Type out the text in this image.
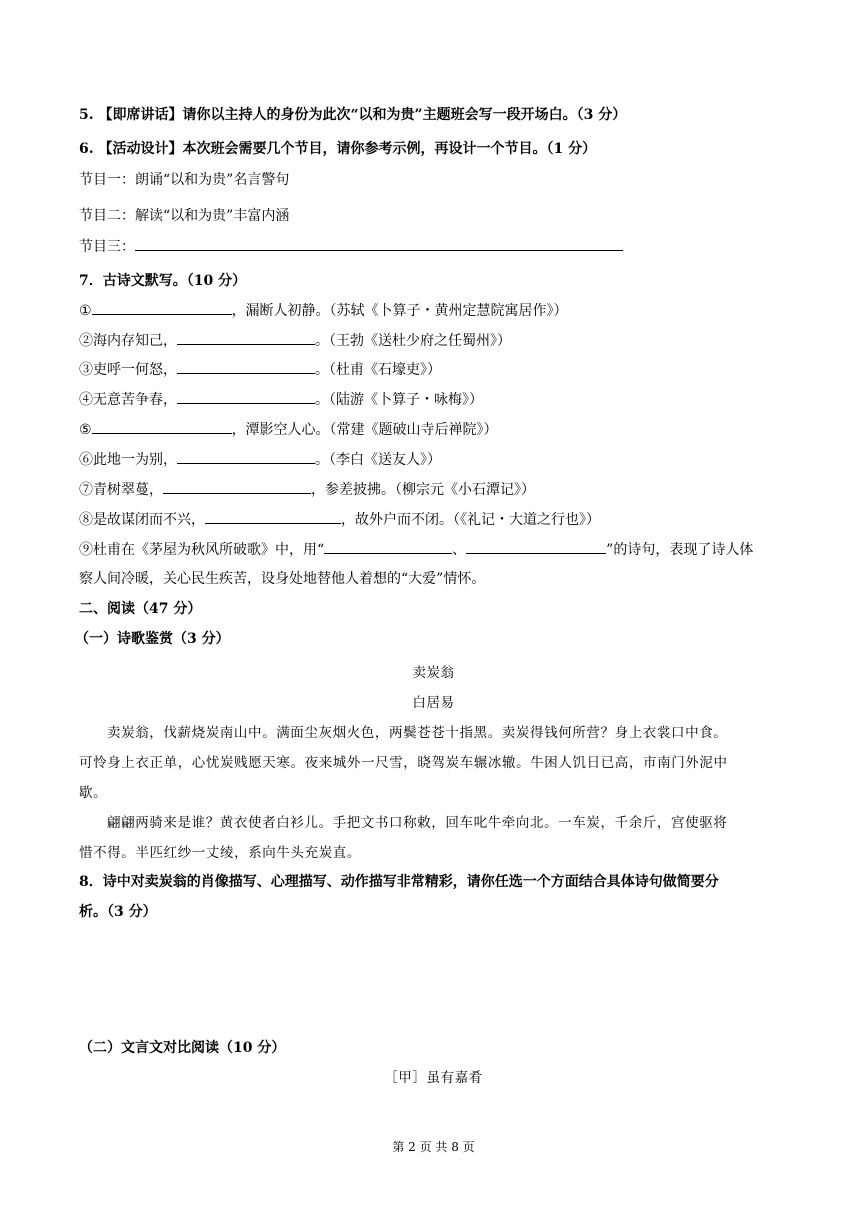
5. 【即席讲话】请你以主持人的身份为此次“以和为贵”主题班会写一段开场白。（3 分）
6. 【活动设计】本次班会需要几个节目，请你参考示例，再设计一个节目。（1 分）
节目一：朗诵“以和为贵”名言警句
节目二：解读“以和为贵”丰富内涵
节目三：
7．古诗文默写。（10 分）
①	，漏断人初静。（苏轼《卜算子・黄州定慧院寓居作》）
②海内存知己，	。（王勃《送杜少府之任蜀州》）
③吏呼一何怒，	。（杜甫《石壕吏》）
④无意苦争春，	。（陆游《卜算子・咏梅》）
⑤	，潭影空人心。（常建《题破山寺后禅院》）
⑥此地一为别，	。（李白《送友人》）
⑦青树翠蔓，	，参差披拂。（柳宗元《小石潭记》）
⑧是故谋闭而不兴，	，故外户而不闭。（《礼记・大道之行也》）
⑨杜甫在《茅屋为秋风所破歌》中，用“	、	”的诗句，表现了诗人体
察人间冷暖，关心民生疾苦，设身处地替他人着想的“大爱”情怀。
二、阅读（47 分）
（一）诗歌鉴赏（3 分）
卖炭翁
白居易
卖炭翁，伐薪烧炭南山中。满面尘灰烟火色，两鬓苍苍十指黑。卖炭得钱何所营？身上衣裳口中食。
可怜身上衣正单，心忧炭贱愿天寒。夜来城外一尺雪，晓驾炭车辗冰辙。牛困人饥日已高，市南门外泥中
歇。
翩翩两骑来是谁？黄衣使者白衫儿。手把文书口称敕，回车叱牛牵向北。一车炭，千余斤，宫使驱将
惜不得。半匹红纱一丈绫，系向牛头充炭直。
8．诗中对卖炭翁的肖像描写、心理描写、动作描写非常精彩，请你任选一个方面结合具体诗句做简要分
析。（3 分）
（二）文言文对比阅读（10 分）
［甲］虽有嘉肴
第 2 页 共 8 页
